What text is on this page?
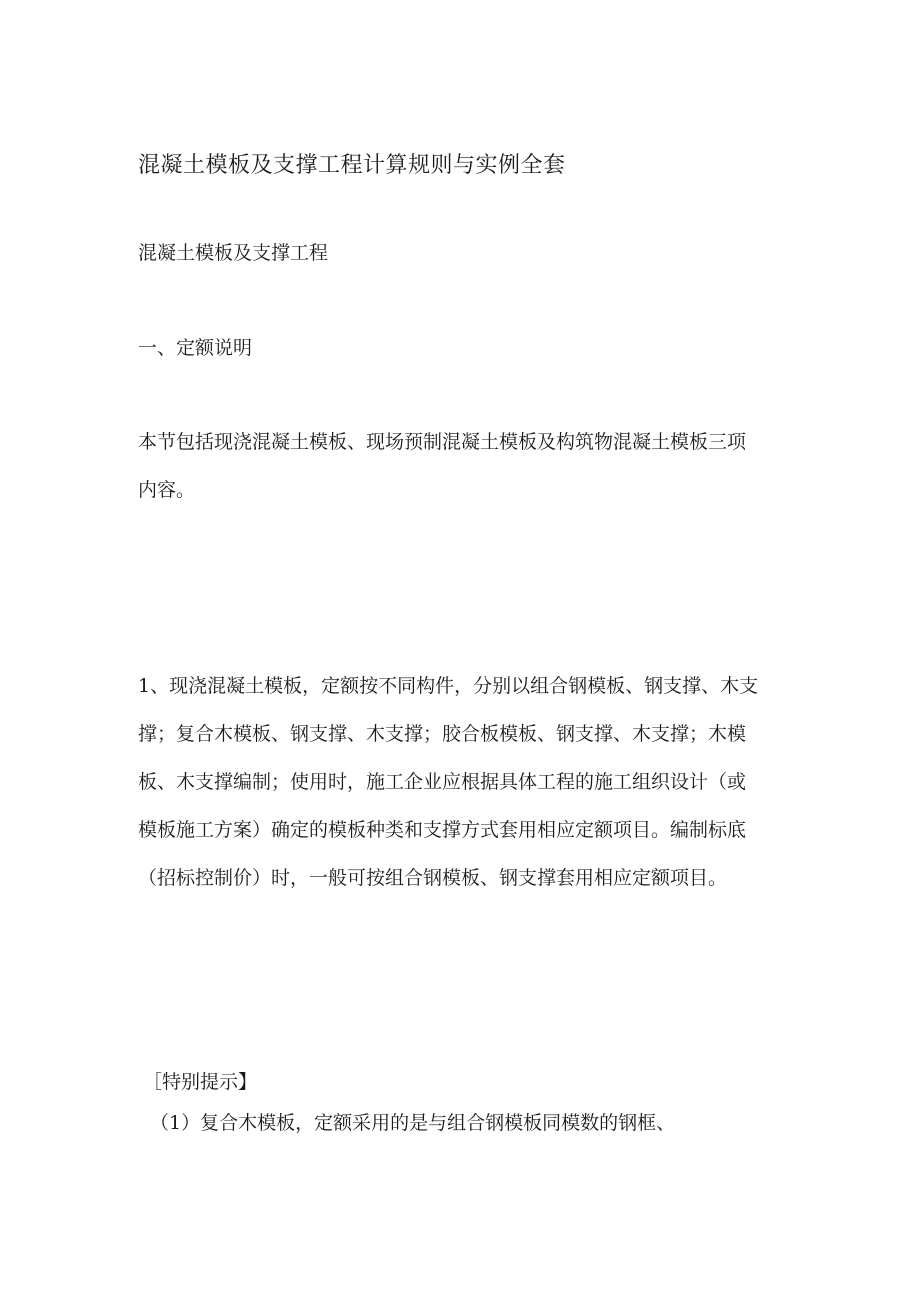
混凝土模板及支撑工程计算规则与实例全套

混凝土模板及支撑工程

一、定额说明

本节包括现浇混凝土模板、现场预制混凝土模板及构筑物混凝土模板三项
内容。
1、现浇混凝土模板，定额按不同构件，分别以组合钢模板、钢支撑、木支
撑；复合木模板、钢支撑、木支撑；胶合板模板、钢支撑、木支撑；木模
板、木支撑编制；使用时，施工企业应根据具体工程的施工组织设计（或
模板施工方案）确定的模板种类和支撑方式套用相应定额项目。编制标底
（招标控制价）时，一般可按组合钢模板、钢支撑套用相应定额项目。

［特别提示】

（1）复合木模板，定额采用的是与组合钢模板同模数的钢框、
